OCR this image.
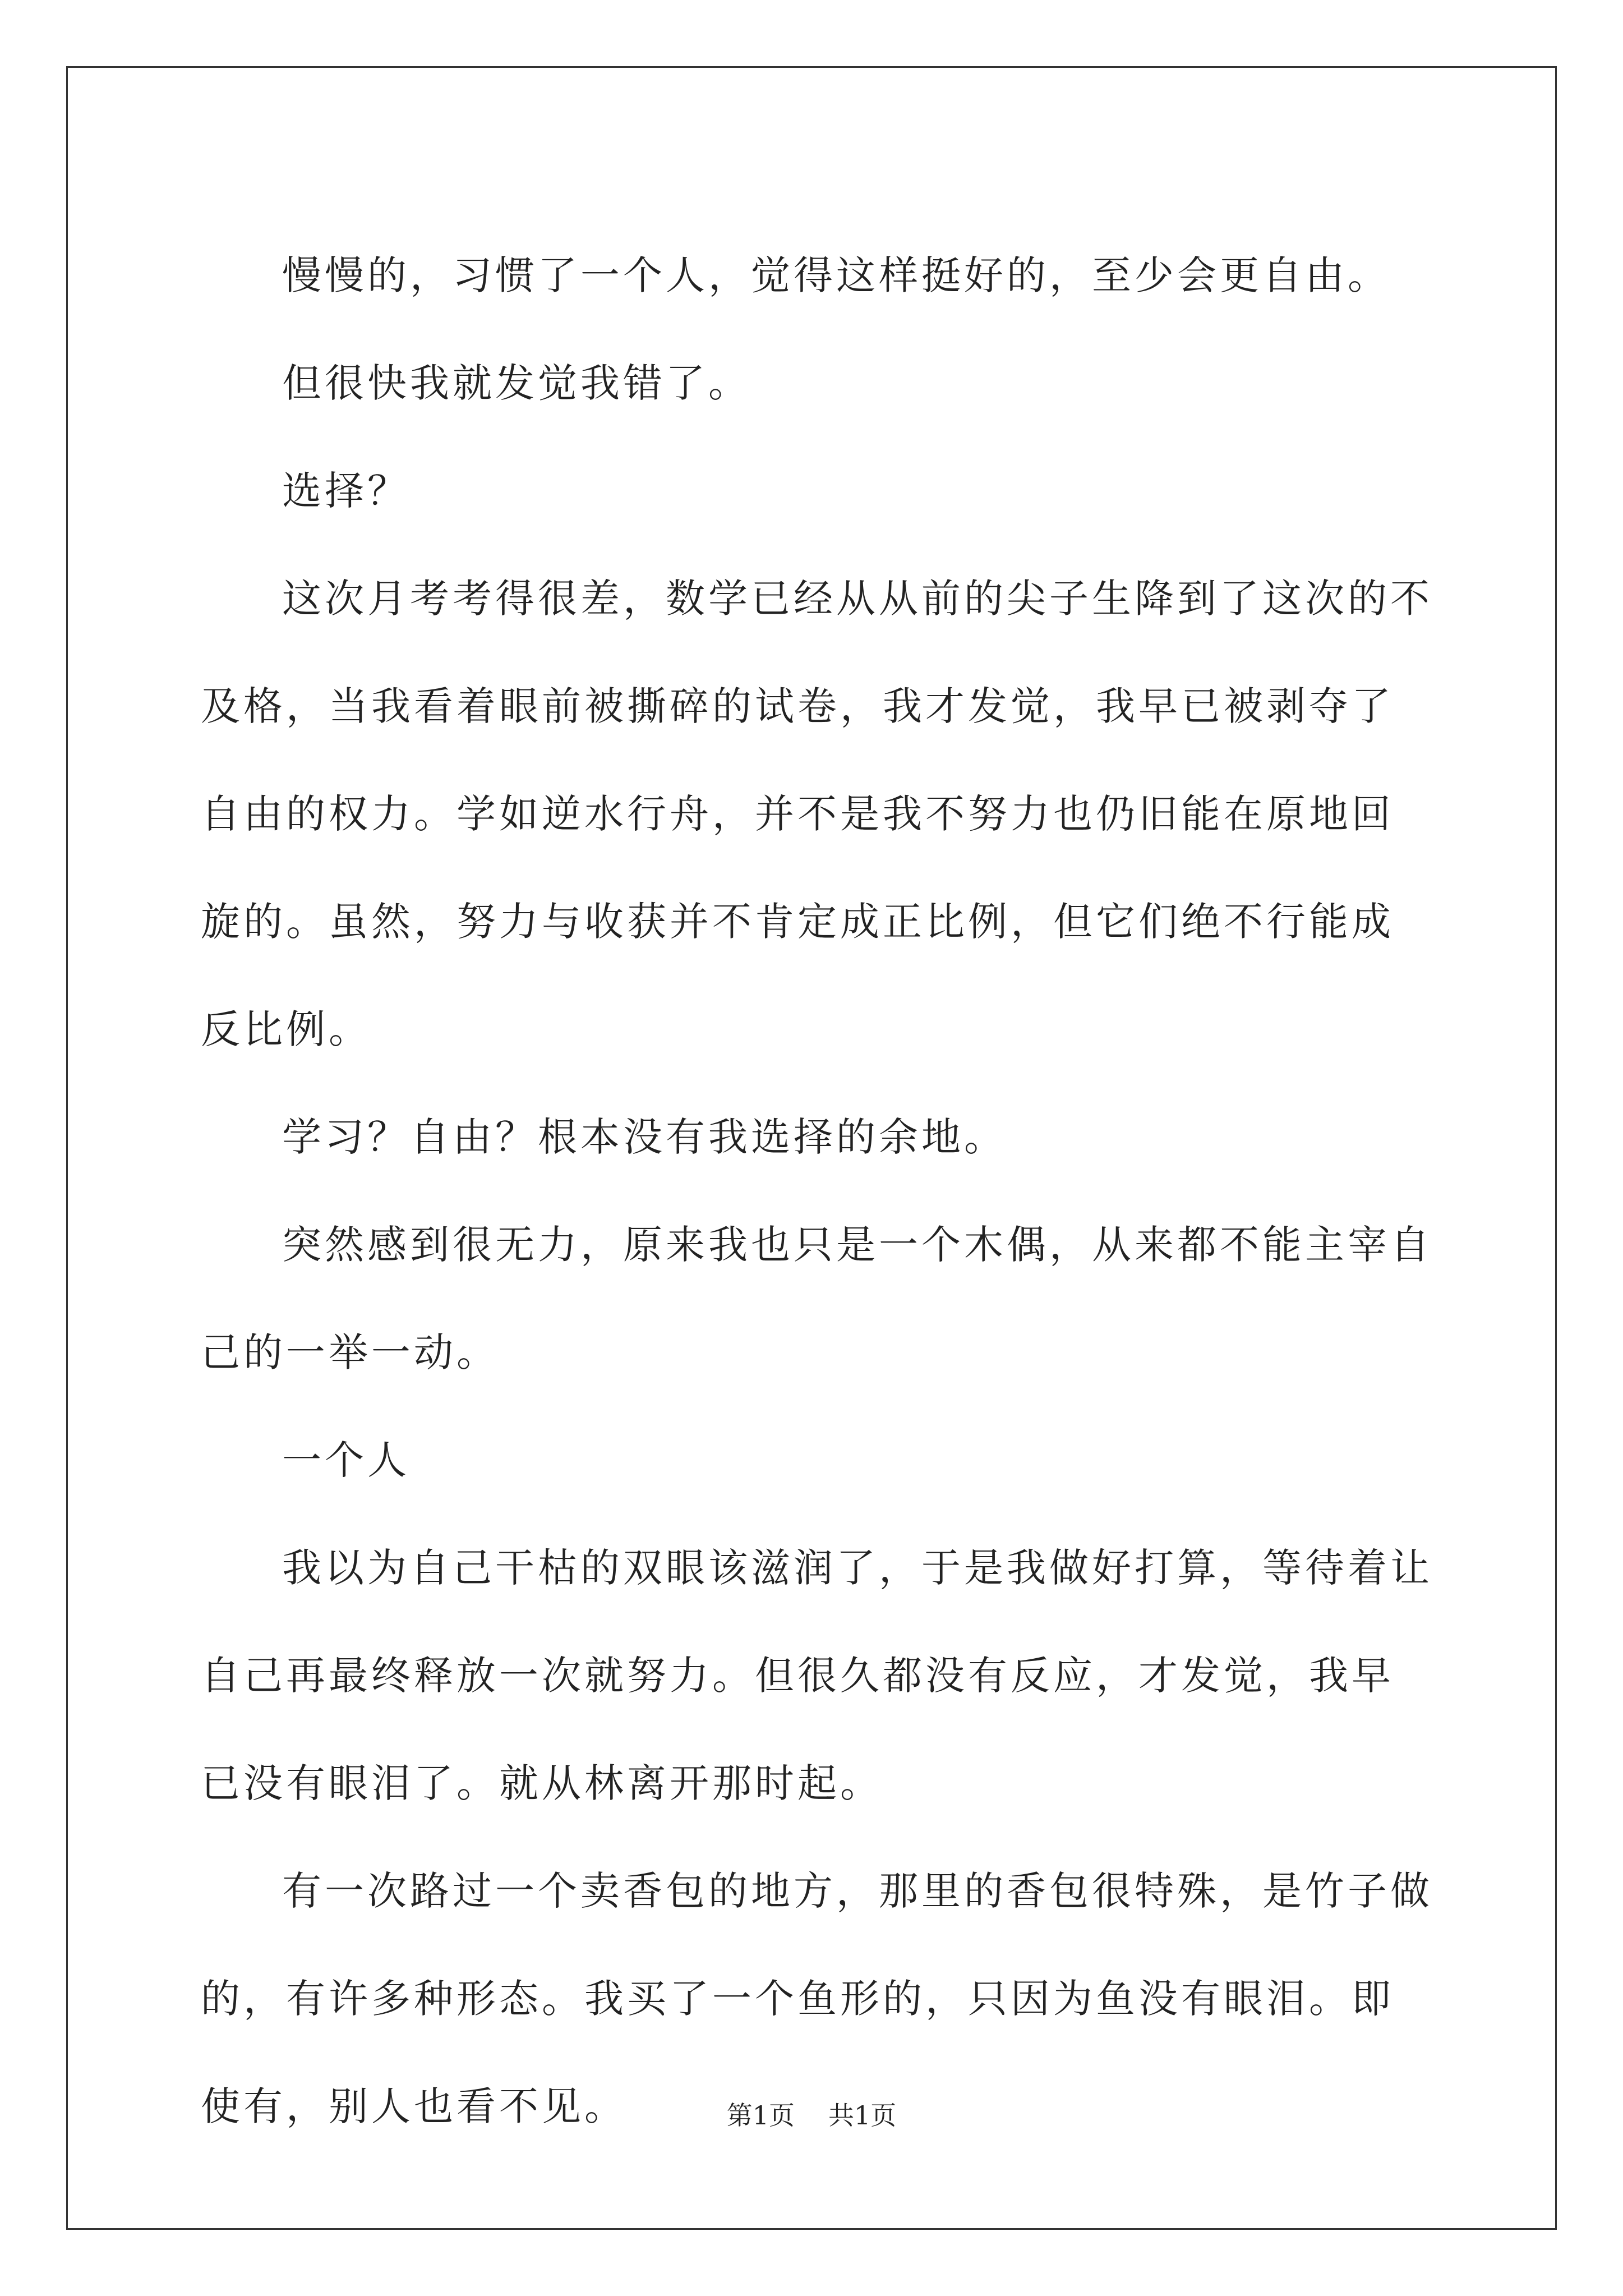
慢慢的，习惯了一个人，觉得这样挺好的，至少会更自由。

但很快我就发觉我错了。

选择？

这次月考考得很差，数学已经从从前的尖子生降到了这次的不及格，当我看着眼前被撕碎的试卷，我才发觉，我早已被剥夺了自由的权力。学如逆水行舟，并不是我不努力也仍旧能在原地回旋的。虽然，努力与收获并不肯定成正比例，但它们绝不行能成反比例。

学习？自由？根本没有我选择的余地。

突然感到很无力，原来我也只是一个木偶，从来都不能主宰自己的一举一动。

一个人

我以为自己干枯的双眼该滋润了，于是我做好打算，等待着让自己再最终释放一次就努力。但很久都没有反应，才发觉，我早已没有眼泪了。就从林离开那时起。

有一次路过一个卖香包的地方，那里的香包很特殊，是竹子做的，有许多种形态。我买了一个鱼形的，只因为鱼没有眼泪。即使有，别人也看不见。	第1页 共1页
